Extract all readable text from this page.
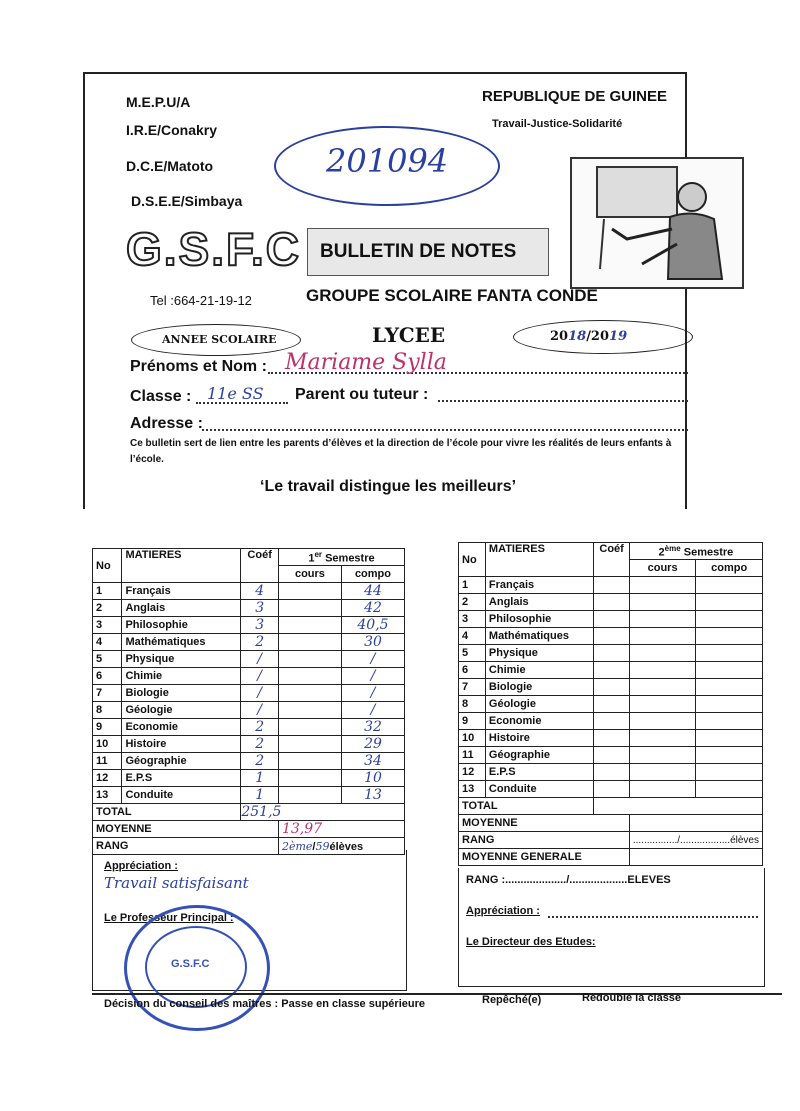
M.E.P.U/A
I.R.E/Conakry
D.C.E/Matoto
D.S.E.E/Simbaya
REPUBLIQUE DE GUINEE
Travail-Justice-Solidarité
201094
G.S.F.C BULLETIN DE NOTES
Tel :664-21-19-12	GROUPE SCOLAIRE FANTA CONDE
ANNEE SCOLAIRE	LYCEE	2018/2019
Prénoms et Nom : Mariame Sylla
Classe : 11e SS Parent ou tuteur :
Adresse :
Ce bulletin sert de lien entre les parents d’élèves et la direction de l’école pour vivre les réalités de leurs enfants à l’école.
‘Le travail distingue les meilleurs’
No	MATIERES	Coéf	1er Semestre	
			cours	compo
1	Français	4		44
2	Anglais	3		42
3	Philosophie	3		40,5
4	Mathématiques	2		30
5	Physique	/		/
6	Chimie	/		/
7	Biologie	/		/
8	Géologie	/		/
9	Economie	2		32
10	Histoire	2		29
11	Géographie	2		34
12	E.P.S	1		10
13	Conduite	1		13
TOTAL		251,5		
MOYENNE			13,97	
RANG			2ème/59élèves	
Appréciation :
Travail satisfaisant
Le Professeur Principal :
G.S.F.C
No	MATIERES	Coéf	2ème Semestre	
			cours	compo
1	Français			
2	Anglais			
3	Philosophie			
4	Mathématiques			
5	Physique			
6	Chimie			
7	Biologie			
8	Géologie			
9	Economie			
10	Histoire			
11	Géographie			
12	E.P.S			
13	Conduite			
TOTAL				
MOYENNE				
RANG			................/..................élèves	
MOYENNE GENERALE				
RANG :..................../...................ELEVES
Appréciation :
Le Directeur des Etudes:
Décision du conseil des maîtres : Passe en classe supérieure	Repêché(e)	Redouble la classe
